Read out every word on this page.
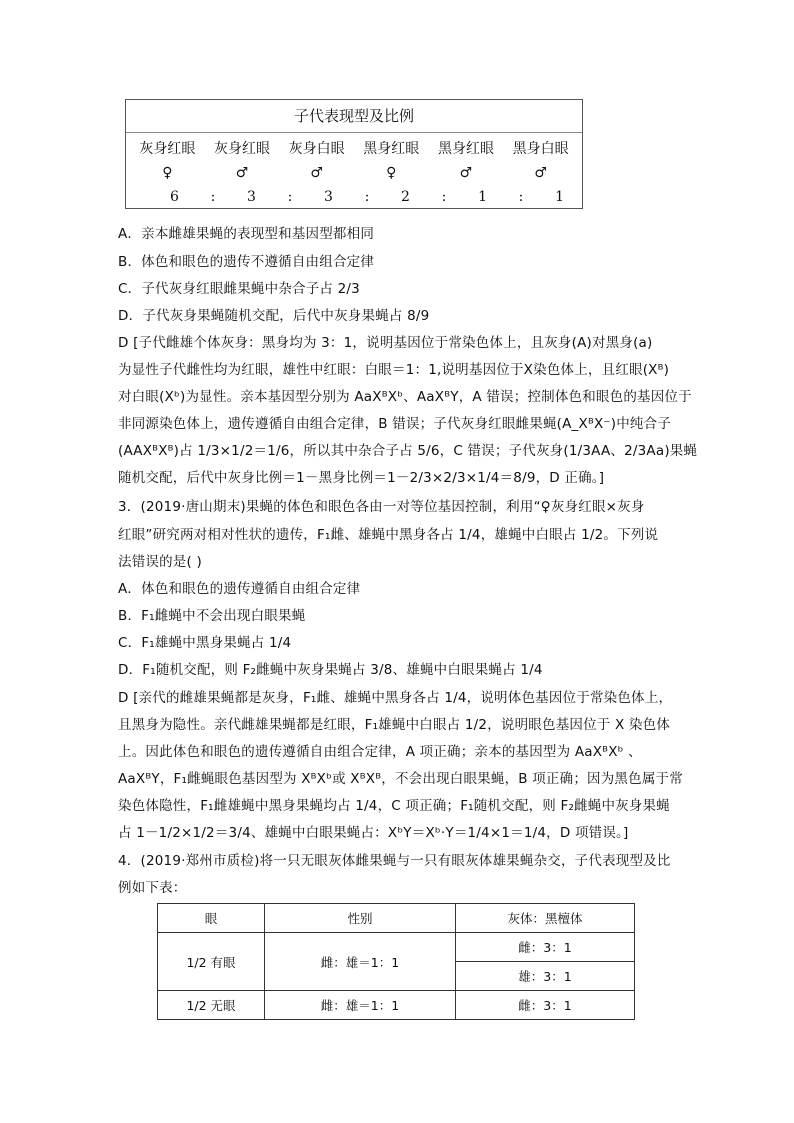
子代表现型及比例
灰身红眼	灰身红眼	灰身白眼	黑身红眼	黑身红眼	黑身白眼
♀	♂	♂	♀	♂	♂
6 : 3 : 3 : 2 : 1 : 1
A．亲本雌雄果蝇的表现型和基因型都相同
B．体色和眼色的遗传不遵循自由组合定律
C．子代灰身红眼雌果蝇中杂合子占 2/3
D．子代灰身果蝇随机交配，后代中灰身果蝇占 8/9
D [子代雌雄个体灰身：黑身均为 3：1，说明基因位于常染色体上，且灰身(A)对黑身(a)
为显性子代雌性均为红眼，雄性中红眼：白眼＝1：1,说明基因位于X染色体上，且红眼(Xᴮ)
对白眼(Xᵇ)为显性。亲本基因型分别为 AaXᴮXᵇ、AaXᴮY，A 错误；控制体色和眼色的基因位于
非同源染色体上，遗传遵循自由组合定律，B 错误；子代灰身红眼雌果蝇(A_XᴮX⁻)中纯合子
(AAXᴮXᴮ)占 1/3×1/2＝1/6，所以其中杂合子占 5/6，C 错误；子代灰身(1/3AA、2/3Aa)果蝇
随机交配，后代中灰身比例＝1－黑身比例＝1－2/3×2/3×1/4＝8/9，D 正确。]
3．(2019·唐山期末)果蝇的体色和眼色各由一对等位基因控制，利用“♀灰身红眼×灰身
红眼”研究两对相对性状的遗传，F₁雌、雄蝇中黑身各占 1/4，雄蝇中白眼占 1/2。下列说
法错误的是( )
A．体色和眼色的遗传遵循自由组合定律
B．F₁雌蝇中不会出现白眼果蝇
C．F₁雄蝇中黑身果蝇占 1/4
D．F₁随机交配，则 F₂雌蝇中灰身果蝇占 3/8、雄蝇中白眼果蝇占 1/4
D [亲代的雌雄果蝇都是灰身，F₁雌、雄蝇中黑身各占 1/4，说明体色基因位于常染色体上，
且黑身为隐性。亲代雌雄果蝇都是红眼，F₁雄蝇中白眼占 1/2，说明眼色基因位于 X 染色体
上。因此体色和眼色的遗传遵循自由组合定律，A 项正确；亲本的基因型为 AaXᴮXᵇ 、
AaXᴮY，F₁雌蝇眼色基因型为 XᴮXᵇ或 XᴮXᴮ，不会出现白眼果蝇，B 项正确；因为黑色属于常
染色体隐性，F₁雌雄蝇中黑身果蝇均占 1/4，C 项正确；F₁随机交配，则 F₂雌蝇中灰身果蝇
占 1－1/2×1/2＝3/4、雄蝇中白眼果蝇占：XᵇY＝Xᵇ·Y＝1/4×1＝1/4，D 项错误。]
4．(2019·郑州市质检)将一只无眼灰体雌果蝇与一只有眼灰体雄果蝇杂交，子代表现型及比
例如下表：
眼	性别	灰体：黑檀体
1/2 有眼	雌：雄＝1：1	雌：3：1
		雄：3：1
1/2 无眼	雌：雄＝1：1	雌：3：1
